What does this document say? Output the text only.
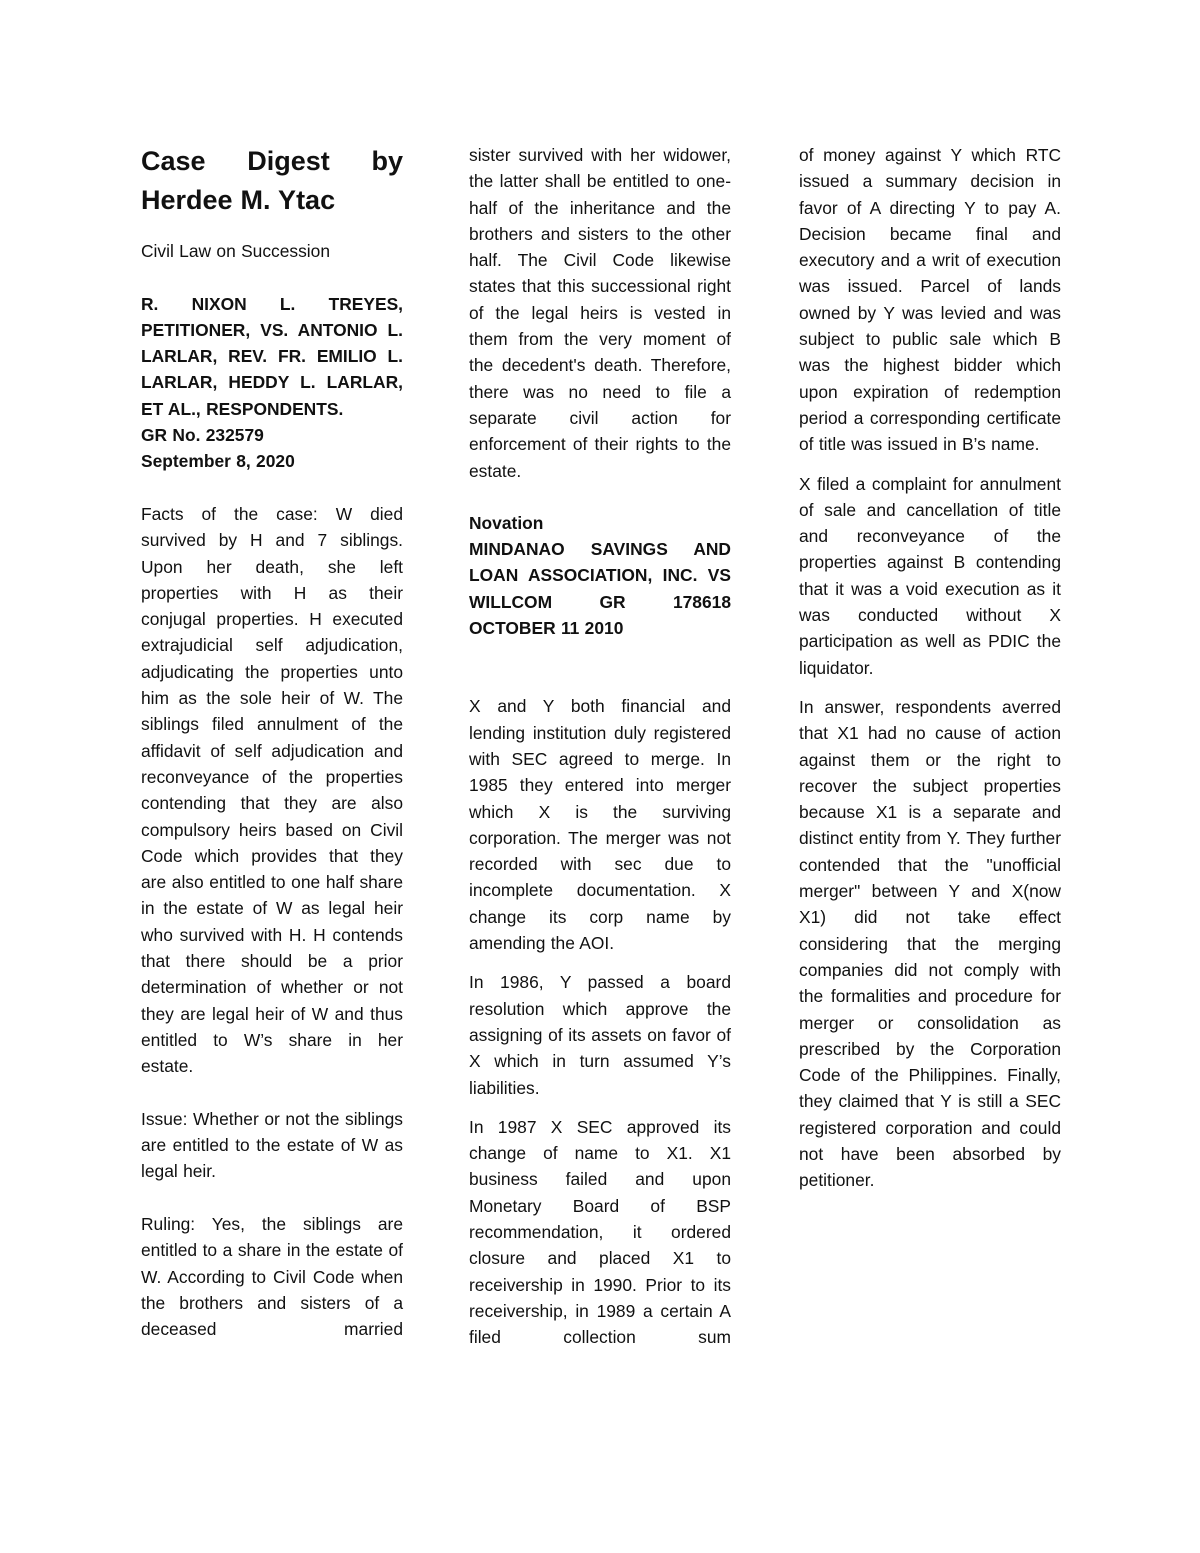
Case Digest by
Herdee M. Ytac

Civil Law on Succession

R. NIXON L. TREYES, PETITIONER, VS. ANTONIO L. LARLAR, REV. FR. EMILIO L. LARLAR, HEDDY L. LARLAR, ET AL., RESPONDENTS.

GR No. 232579

September 8, 2020

Facts of the case: W died survived by H and 7 siblings. Upon her death, she left properties with H as their conjugal properties. H executed extrajudicial self adjudication, adjudicating the properties unto him as the sole heir of W. The siblings filed annulment of the affidavit of self adjudication and reconveyance of the properties contending that they are also compulsory heirs based on Civil Code which provides that they are also entitled to one half share in the estate of W as legal heir who survived with H. H contends that there should be a prior determination of whether or not they are legal heir of W and thus entitled to W’s share in her estate.

Issue: Whether or not the siblings are entitled to the estate of W as legal heir.

Ruling: Yes, the siblings are entitled to a share in the estate of W. According to Civil Code when the brothers and sisters of a deceased married

sister survived with her widower, the latter shall be entitled to one-half of the inheritance and the brothers and sisters to the other half. The Civil Code likewise states that this successional right of the legal heirs is vested in them from the very moment of the decedent's death. Therefore, there was no need to file a separate civil action for enforcement of their rights to the estate.

Novation

MINDANAO SAVINGS AND LOAN ASSOCIATION, INC. VS WILLCOM GR 178618 OCTOBER 11 2010

X and Y both financial and lending institution duly registered with SEC agreed to merge. In 1985 they entered into merger which X is the surviving corporation. The merger was not recorded with sec due to incomplete documentation. X change its corp name by amending the AOI.

In 1986, Y passed a board resolution which approve the assigning of its assets on favor of X which in turn assumed Y’s liabilities.

In 1987 X SEC approved its change of name to X1. X1 business failed and upon Monetary Board of BSP recommendation, it ordered closure and placed X1 to receivership in 1990. Prior to its receivership, in 1989 a certain A filed collection sum

of money against Y which RTC issued a summary decision in favor of A directing Y to pay A. Decision became final and executory and a writ of execution was issued. Parcel of lands owned by Y was levied and was subject to public sale which B was the highest bidder which upon expiration of redemption period a corresponding certificate of title was issued in B’s name.

X filed a complaint for annulment of sale and cancellation of title and reconveyance of the properties against B contending that it was a void execution as it was conducted without X participation as well as PDIC the liquidator.

In answer, respondents averred that X1 had no cause of action against them or the right to recover the subject properties because X1 is a separate and distinct entity from Y. They further contended that the "unofficial merger" between Y and X(now X1) did not take effect considering that the merging companies did not comply with the formalities and procedure for merger or consolidation as prescribed by the Corporation Code of the Philippines. Finally, they claimed that Y is still a SEC registered corporation and could not have been absorbed by petitioner.
